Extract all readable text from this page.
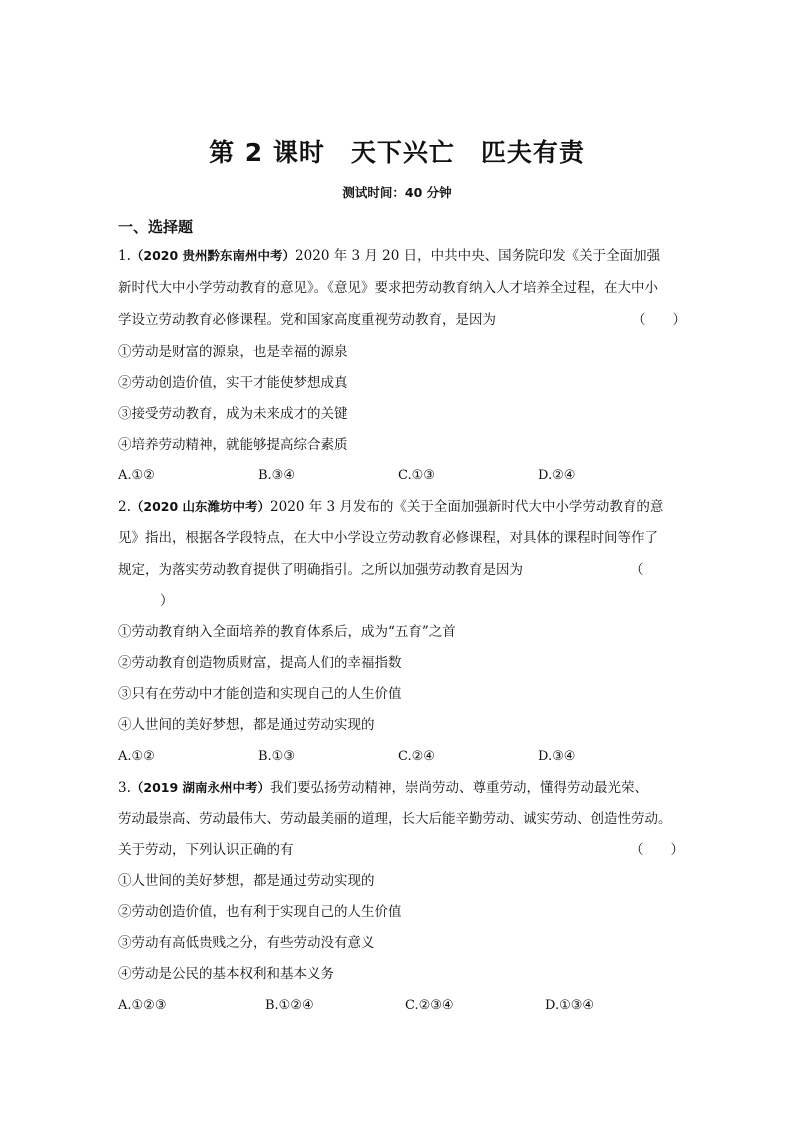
第 2 课时　天下兴亡　匹夫有责
测试时间：40 分钟
一、选择题
1.（2020 贵州黔东南州中考）2020 年 3 月 20 日，中共中央、国务院印发《关于全面加强
新时代大中小学劳动教育的意见》。《意见》要求把劳动教育纳入人才培养全过程，在大中小
学设立劳动教育必修课程。党和国家高度重视劳动教育，是因为	（　　）
①劳动是财富的源泉，也是幸福的源泉
②劳动创造价值，实干才能使梦想成真
③接受劳动教育，成为未来成才的关键
④培养劳动精神，就能够提高综合素质
A.①②	B.③④	C.①③	D.②④
2.（2020 山东潍坊中考）2020 年 3 月发布的《关于全面加强新时代大中小学劳动教育的意
见》指出，根据各学段特点，在大中小学设立劳动教育必修课程，对具体的课程时间等作了
规定，为落实劳动教育提供了明确指引。之所以加强劳动教育是因为	（
）
①劳动教育纳入全面培养的教育体系后，成为“五育”之首
②劳动教育创造物质财富，提高人们的幸福指数
③只有在劳动中才能创造和实现自己的人生价值
④人世间的美好梦想，都是通过劳动实现的
A.①②	B.①③	C.②④	D.③④
3.（2019 湖南永州中考）我们要弘扬劳动精神，崇尚劳动、尊重劳动，懂得劳动最光荣、
劳动最崇高、劳动最伟大、劳动最美丽的道理，长大后能辛勤劳动、诚实劳动、创造性劳动。
关于劳动，下列认识正确的有	（　　）
①人世间的美好梦想，都是通过劳动实现的
②劳动创造价值，也有利于实现自己的人生价值
③劳动有高低贵贱之分，有些劳动没有意义
④劳动是公民的基本权利和基本义务
A.①②③	B.①②④	C.②③④	D.①③④
